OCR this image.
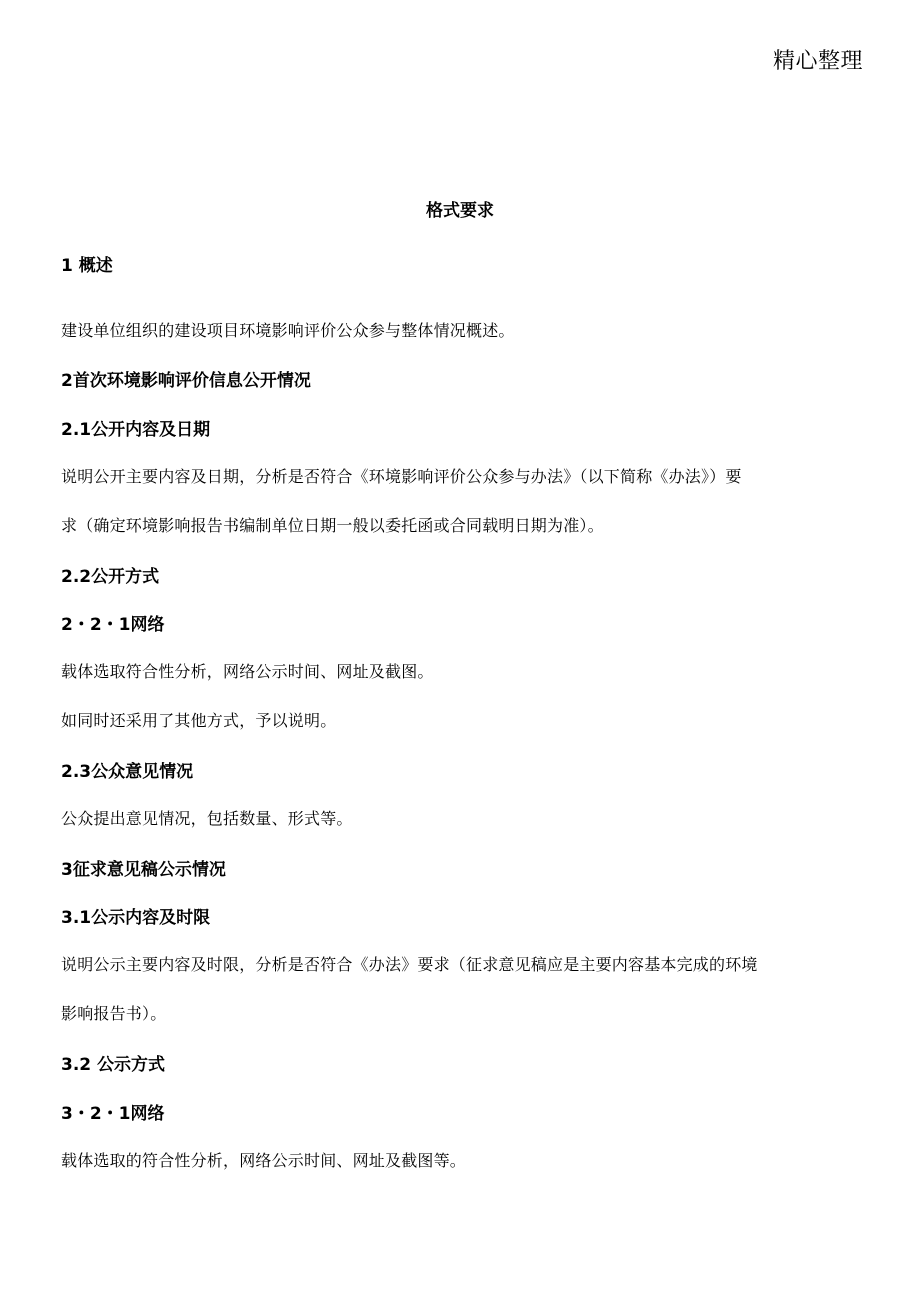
精心整理
格式要求
1 概述
建设单位组织的建设项目环境影响评价公众参与整体情况概述。
2首次环境影响评价信息公开情况
2.1公开内容及日期
说明公开主要内容及日期，分析是否符合《环境影响评价公众参与办法》（以下简称《办法》）要
求（确定环境影响报告书编制单位日期一般以委托函或合同载明日期为准）。
2.2公开方式
2・2・1网络
载体选取符合性分析，网络公示时间、网址及截图。
如同时还采用了其他方式，予以说明。
2.3公众意见情况
公众提出意见情况，包括数量、形式等。
3征求意见稿公示情况
3.1公示内容及时限
说明公示主要内容及时限，分析是否符合《办法》要求（征求意见稿应是主要内容基本完成的环境
影响报告书）。
3.2 公示方式
3・2・1网络
载体选取的符合性分析，网络公示时间、网址及截图等。
